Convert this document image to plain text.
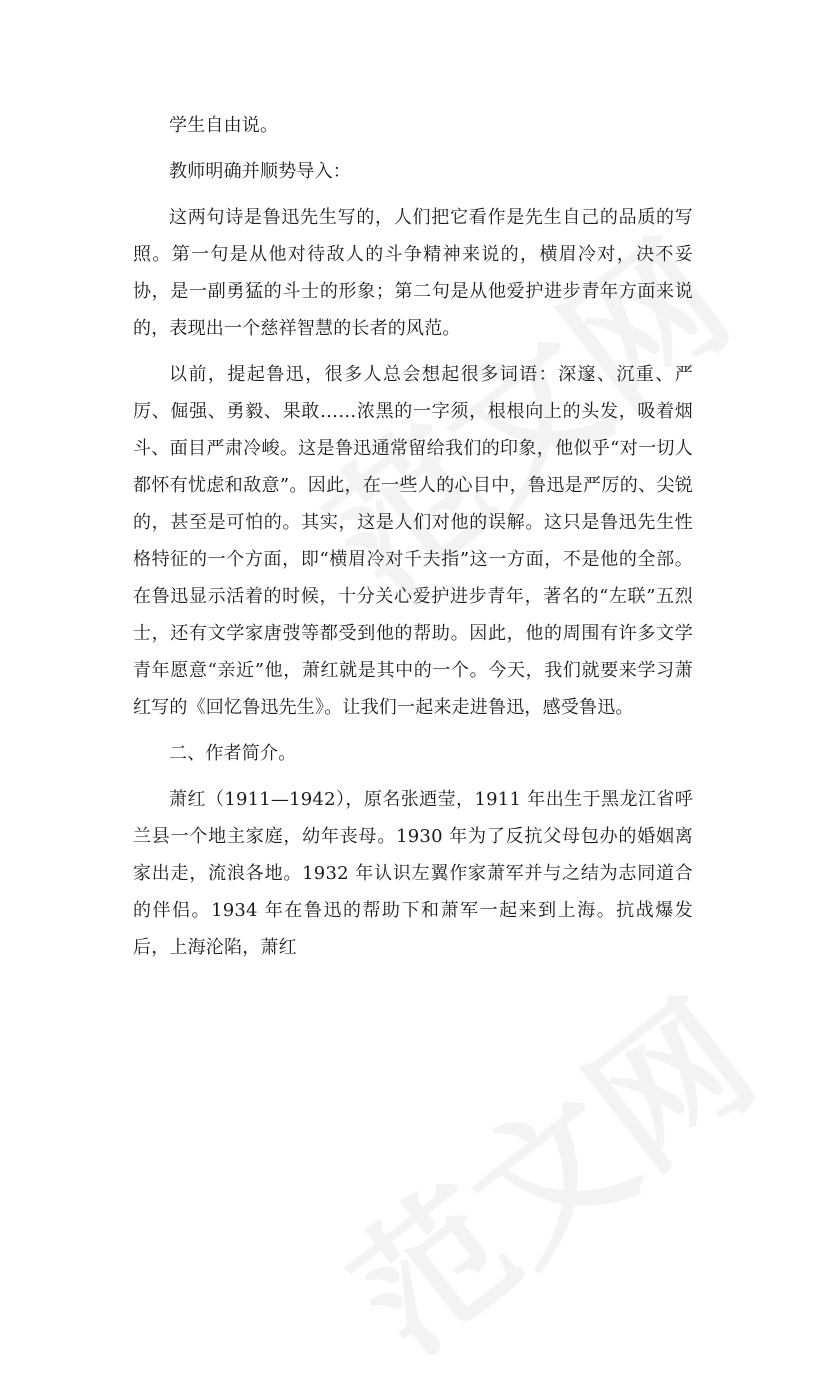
学生自由说。

教师明确并顺势导入：

这两句诗是鲁迅先生写的，人们把它看作是先生自己的品质的写照。第一句是从他对待敌人的斗争精神来说的，横眉冷对，决不妥协，是一副勇猛的斗士的形象；第二句是从他爱护进步青年方面来说的，表现出一个慈祥智慧的长者的风范。

以前，提起鲁迅，很多人总会想起很多词语：深邃、沉重、严厉、倔强、勇毅、果敢……浓黑的一字须，根根向上的头发，吸着烟斗、面目严肃冷峻。这是鲁迅通常留给我们的印象，他似乎“对一切人都怀有忧虑和敌意”。因此，在一些人的心目中，鲁迅是严厉的、尖锐的，甚至是可怕的。其实，这是人们对他的误解。这只是鲁迅先生性格特征的一个方面，即“横眉冷对千夫指”这一方面，不是他的全部。在鲁迅显示活着的时候，十分关心爱护进步青年，著名的“左联”五烈士，还有文学家唐弢等都受到他的帮助。因此，他的周围有许多文学青年愿意“亲近”他，萧红就是其中的一个。今天，我们就要来学习萧红写的《回忆鲁迅先生》。让我们一起来走进鲁迅，感受鲁迅。

二、作者简介。

萧红（1911—1942），原名张迺莹，1911 年出生于黑龙江省呼兰县一个地主家庭，幼年丧母。1930 年为了反抗父母包办的婚姻离家出走，流浪各地。1932 年认识左翼作家萧军并与之结为志同道合的伴侣。1934 年在鲁迅的帮助下和萧军一起来到上海。抗战爆发后，上海沦陷，萧红
